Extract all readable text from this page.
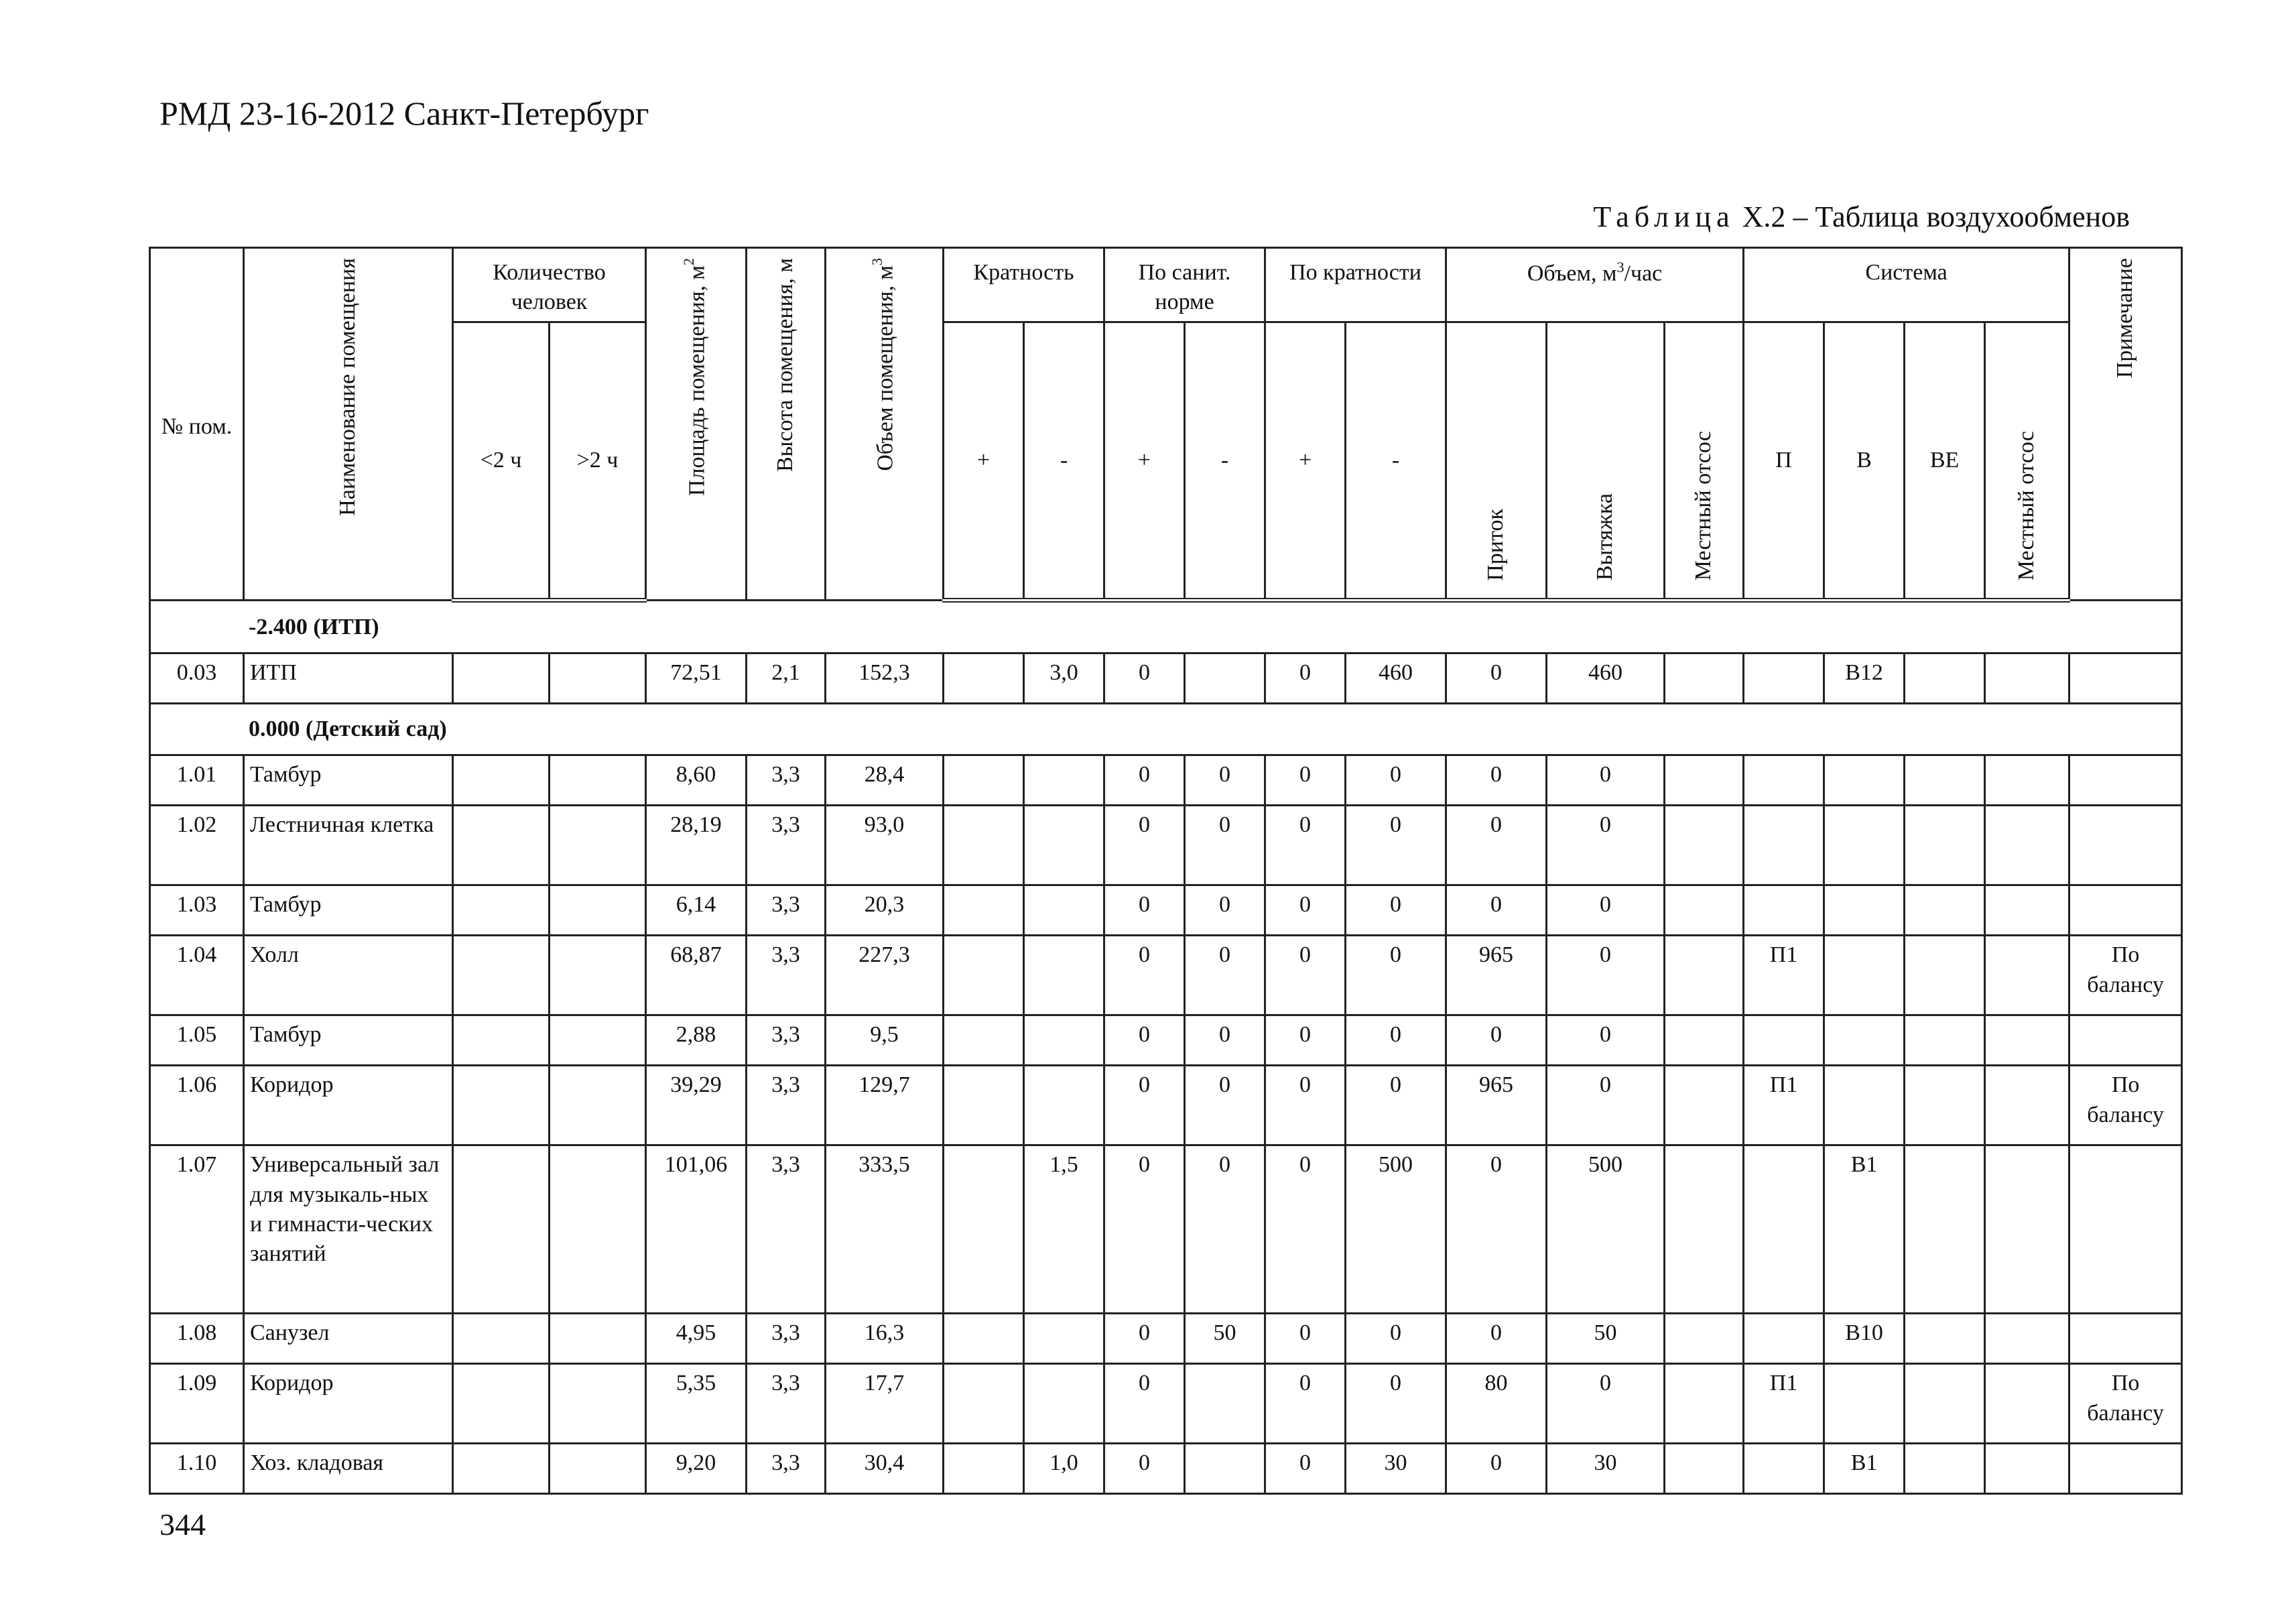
РМД 23-16-2012 Санкт-Петербург
Таблица Х.2 – Таблица воздухообменов
№ пом.	Наименование помещения	Количество человек		Площадь помещения, $м^2$	Высота помещения, м	Объем помещения, $м^3$	Кратность		По санит. норме		По кратности		Объем, $м^3$/час			Система				Примечание

		<2 ч	>2 ч				+	-	+	-	+	-	Приток	Вытяжка	Местный отсос	П	В	ВЕ	Местный отсос	

-2.400 (ИТП)																				
0.03	ИТП			72,51	2,1	152,3		3,0	0		0	460	0	460			В12			
0.000 (Детский сад)																				
1.01	Тамбур			8,60	3,3	28,4			0	0	0	0	0	0						
1.02	Лестничная клетка			28,19	3,3	93,0			0	0	0	0	0	0						
1.03	Тамбур			6,14	3,3	20,3			0	0	0	0	0	0						
1.04	Холл			68,87	3,3	227,3			0	0	0	0	965	0		П1				По балансу
1.05	Тамбур			2,88	3,3	9,5			0	0	0	0	0	0						
1.06	Коридор			39,29	3,3	129,7			0	0	0	0	965	0		П1				По балансу
1.07	Универсальный зал для музыкаль-ных и гимнасти-ческих занятий			101,06	3,3	333,5		1,5	0	0	0	500	0	500			В1			
1.08	Санузел			4,95	3,3	16,3			0	50	0	0	0	50			В10			
1.09	Коридор			5,35	3,3	17,7			0		0	0	80	0		П1				По балансу
1.10	Хоз. кладовая			9,20	3,3	30,4		1,0	0		0	30	0	30			В1			
344
